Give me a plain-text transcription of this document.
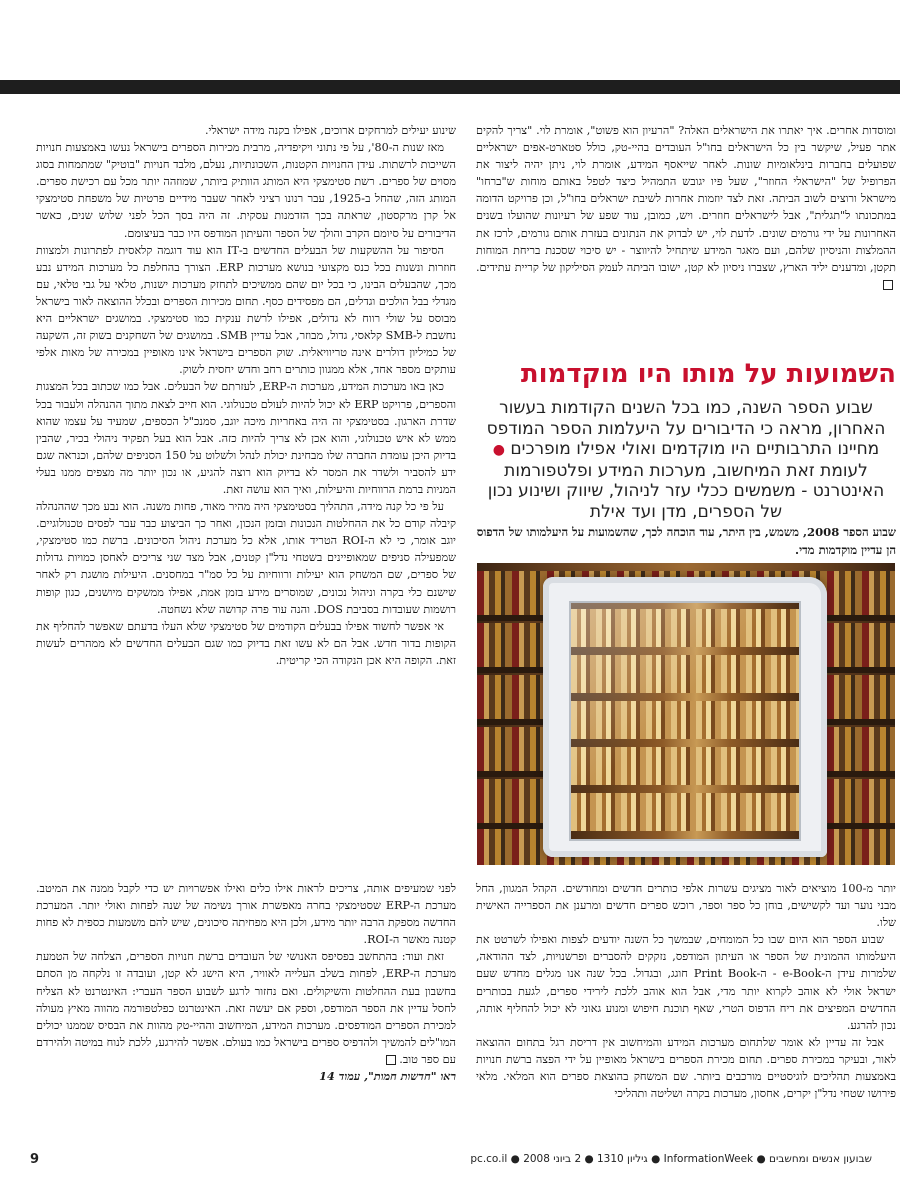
ומוסדות אחרים. איך יאתרו את הישראלים האלה? "הרעיון הוא פשוט", אומרת לוי. "צריך להקים אתר פעיל, שיקשר בין כל הישראלים בחו"ל העובדים בהיי-טק, כולל סטארט-אפים ישראליים שפועלים בחברות בינלאומיות שונות. לאחר שייאסף המידע, אומרת לוי, ניתן יהיה ליצור את הפרופיל של "הישראלי החוזר", שעל פיו יגובש התמהיל כיצד לטפל באותם מוחות ש"ברחו" מישראל ורוצים לשוב הביתה. זאת לצד יוזמות אחרות לשיבת ישראלים בחו"ל, וכן פרויקט הדומה במתכונתו ל"תגלית", אבל לישראלים חוזרים. ויש, כמובן, עוד שפע של רעיונות שהועלו בשנים האחרונות על ידי גורמים שונים. לדעת לוי, יש לבדוק את הנתונים בעזרת אותם גורמים, לרכז את ההמלצות והניסיון שלהם, ועם מאגר המידע שיתחיל להיווצר - יש סיכוי שסכנת בריחת המוחות תקטן, ומדענים יליד הארץ, שצברו ניסיון לא קטן, ישובו הביתה לעמק הסיליקון של קריית עתידים.

השמועות על מותו היו מוקדמות
שבוע הספר השנה, כמו בכל השנים הקודמות בעשור האחרון, מראה כי הדיבורים על היעלמות הספר המודפס מחיינו התרבותיים היו מוקדמים ואולי אפילו מופרכים ● לעומת זאת המיחשוב, מערכות המידע ופלטפורמות האינטרנט - משמשים ככלי עזר לניהול, שיווק ושינוע נכון של הספרים, מדן ועד אילת
שבוע הספר 2008, משמש, בין היתר, עוד הוכחה לכך, שהשמועות על היעלמותו של הדפוס הן עדיין מוקדמות מדי.

יותר מ-100 מוציאים לאור מציגים עשרות אלפי כותרים חדשים ומחודשים. הקהל המגוון, החל מבני נוער ועד לקשישים, בוחן כל ספר וספר, רוכש ספרים חדשים ומרענן את הספרייה האישית שלו.

שבוע הספר הוא היום שבו כל המומחים, שבמשך כל השנה יודעים לצפות ואפילו לשרטט את היעלמותו ההמונית של הספר או העיתון המודפס, נזקקים להסברים ופרשנויות, לצד ההודאה, שלמרות עידן ה-e-Book - ה-Print Book חוגג, ובגדול. בכל שנה אנו מגלים מחדש שעם ישראל אולי לא אוהב לקרוא יותר מדי, אבל הוא אוהב ללכת לירידי ספרים, לגעת בכותרים החדשים המפיצים את ריח הדפוס הטרי, שאף תוכנת חיפוש ומנוע גאוני לא יכול להחליף אותה, נכון להרגע.

אבל זה עדיין לא אומר שלתחום מערכות המידע והמיחשוב אין דריסת רגל בתחום ההוצאה לאור, ובעיקר במכירת ספרים. תחום מכירת הספרים בישראל מאופיין על ידי הפצה ברשת חנויות באמצעות תהליכים לוגיסטיים מורכבים ביותר. שם המשחק בהוצאת ספרים הוא המלאי. מלאי פירושו שטחי נדל"ן יקרים, אחסון, מערכות בקרה ושליטה ותהליכי

שינוע יעילים למרחקים ארוכים, אפילו בקנה מידה ישראלי.

מאז שנות ה-80', על פי נתוני ויקיפדיה, מרבית מכירות הספרים בישראל נעשו באמצעות חנויות השייכות לרשתות. עידן החנויות הקטנות, השכונתיות, נעלם, מלבד חנויות "בוטיק" שמתמחות בסוג מסוים של ספרים. רשת סטימצקי היא המותג הוותיק ביותר, שמוזהה יותר מכל עם רכישת ספרים. המותג הזה, שהחל ב-1925, עבר רנונו רציני לאחר שעבר מידיים פרטיות של משפחת סטימצקי אל קרן מרקסטון, שראתה בכך הזדמנות עסקית. זה היה בסך הכל לפני שלוש שנים, כאשר הדיבורים על סיומם הקרב והולך של הספר והעיתון המודפס היו כבר בעיצומם.

הסיפור על ההשקעות של הבעלים החדשים ב-IT הוא עוד דוגמה קלאסית לפתרונות ולמצוות חוזרות ונשנות בכל כנס מקצועי בנושא מערכות ERP. הצורך בהחלפת כל מערכות המידע נבע מכך, שהבעלים הבינו, כי בכל יום שהם ממשיכים לתחזק מערכות ישנות, טלאי על גבי טלאי, עם מגדלי בבל הולכים וגדלים, הם מפסידים כסף. תחום מכירות הספרים ובכלל ההוצאה לאור בישראל מבוסס על שולי רווח לא גדולים, אפילו לרשת ענקית כמו סטימצקי. במושגים ישראליים היא נחשבת ל-SMB קלאסי, גדול, מבוזר, אבל עדיין SMB. במושגים של השחקנים בשוק זה, השקעה של כמיליון דולרים אינה טריוויאלית. שוק הספרים בישראל אינו מאופיין במכירה של מאות אלפי עותקים מספר אחד, אלא ממגוון כותרים רחב וחדש יחסית לשוק.

כאן באו מערכות המידע, מערכות ה-ERP, לעזרתם של הבעלים. אבל כמו שכתוב בכל המצגות והספרים, פרויקט ERP לא יכול להיות לעולם טכנולוגי. הוא חייב לצאת מתוך ההנהלה ולעבור בכל שדרת הארגון. בסטימצקי זה היה באחריות מיכה יוגב, סמנכ"ל הכספים, שמעיד על עצמו שהוא ממש לא איש טכנולוגי, והוא אכן לא צריך להיות כזה. אבל הוא בעל תפקיד ניהולי בכיר, שהבין בדיוק היכן עומדת החברה שלו מבחינת יכולת לנהל ולשלוט על 150 הסניפים שלהם, וכנראה שגם ידע להסביר ולשדר את המסר לא בדיוק הוא רוצה להגיע, או נכון יותר מה מצפים ממנו בעלי המניות ברמת הרווחיות והיעילות, ואיך הוא עושה זאת.

על פי כל קנה מידה, התהליך בסטימצקי היה מהיר מאוד, פחות משנה. הוא נבע מכך שההנהלה קיבלה קודם כל את ההחלטות הנכונות ובזמן הנכון, ואחר כך הביצוע כבר עבר לפסים טכנולוגיים. יוגב אומר, כי לא ה-ROI הטריד אותו, אלא כל מערכת ניהול הסיכונים. ברשת כמו סטימצקי, שמפעילה סניפים שמאופיינים בשטחי נדל"ן קטנים, אבל מצד שני צריכים לאחסן כמויות גדולות של ספרים, שם המשחק הוא יעילות ורווחיות על כל סמ"ר במחסנים. היעילות מושגת רק לאחר שישנם כלי בקרה וניהול נכונים, שמוסרים מידע בזמן אמת, אפילו ממשקים מיושנים, כגון קופות רושמות שעובדות בסביבת DOS. והנה עוד פרה קדושה שלא נשחטה.

אי אפשר לחשוד אפילו בבעלים הקודמים של סטימצקי שלא העלו בדעתם שאפשר להחליף את הקופות בדור חדש. אבל הם לא עשו זאת בדיוק כמו שגם הבעלים החדשים לא ממהרים לעשות זאת. הקופה היא אכן הנקודה הכי קריטית.

לפני שמעיפים אותה, צריכים לראות אילו כלים ואילו אפשרויות יש כדי לקבל ממנה את המיטב. מערכת ה-ERP שסטימצקי בחרה מאפשרת אורך נשימה של שנה לפחות ואולי יותר. המערכת החדשה מספקת הרבה יותר מידע, ולכן היא מפחיתה סיכונים, שיש להם משמעות כספית לא פחות קטנה מאשר ה-ROI.

זאת ועוד: בהתחשב בפסיפס האנושי של העובדים ברשת חנויות הספרים, הצלחה של הטמעת מערכת ה-ERP, לפחות בשלב העלייה לאוויר, היא הישג לא קטן, ועובדה זו נלקחה מן הסתם בחשבון בעת ההחלטות והשיקולים. ואם נחזור לרגע לשבוע הספר העברי: האינטרנט לא הצליח לחסל עדיין את הספר המודפס, וספק אם יעשה זאת. האינטרנט כפלטפורמה מהווה מאיץ מעולה למכירת הספרים המודפסים. מערכות המידע, המיחשוב וההיי-טק מהוות את הבסיס שממנו יכולים המו"לים להמשיך ולהדפיס ספרים בישראל כמו בעולם. אפשר להירגע, ללכת לנוח במיטה ולהירדם עם ספר טוב.

ראו "חדשות חמות", עמוד 14

שבועון אנשים ומחשבים ● InformationWeek ● גיליון 1310 ● 2 ביוני 2008 ● pc.co.il
9
